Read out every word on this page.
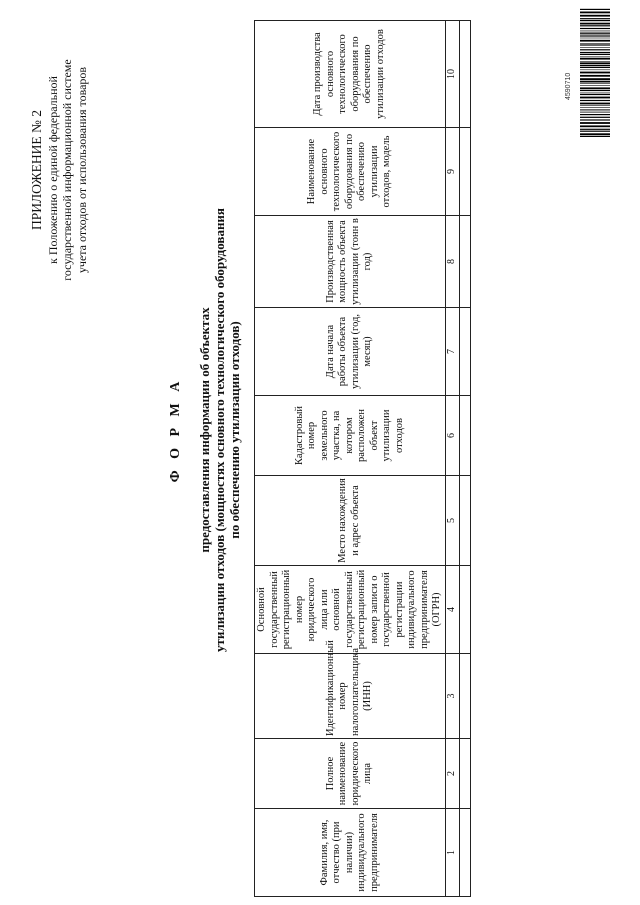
ПРИЛОЖЕНИЕ № 2 к Положению о единой федеральной государственной информационной системе учета отходов от использования товаров
Ф О Р М А предоставления информации об объектах утилизации отходов (мощностях основного технологического оборудования по обеспечению утилизации отходов)
Фамилия, имя, отчество (при наличии) индивидуального предпринимателя	Полное наименование юридического лица	Идентификационный номер налогоплательщика (ИНН)	Основной государственный регистрационный номер юридического лица или основной государственный регистрационный номер записи о государственной регистрации индивидуального предпринимателя (ОГРН)	Место нахождения и адрес объекта	Кадастровый номер земельного участка, на котором расположен объект утилизации отходов	Дата начала работы объекта утилизации (год, месяц)	Производственная мощность объекта утилизации (тонн в год)	Наименование основного технологического оборудования по обеспечению утилизации отходов, модель	Дата производства основного технологического оборудования по обеспечению утилизации отходов
1	2	3	4	5	6	7	8	9	10
										4590710
